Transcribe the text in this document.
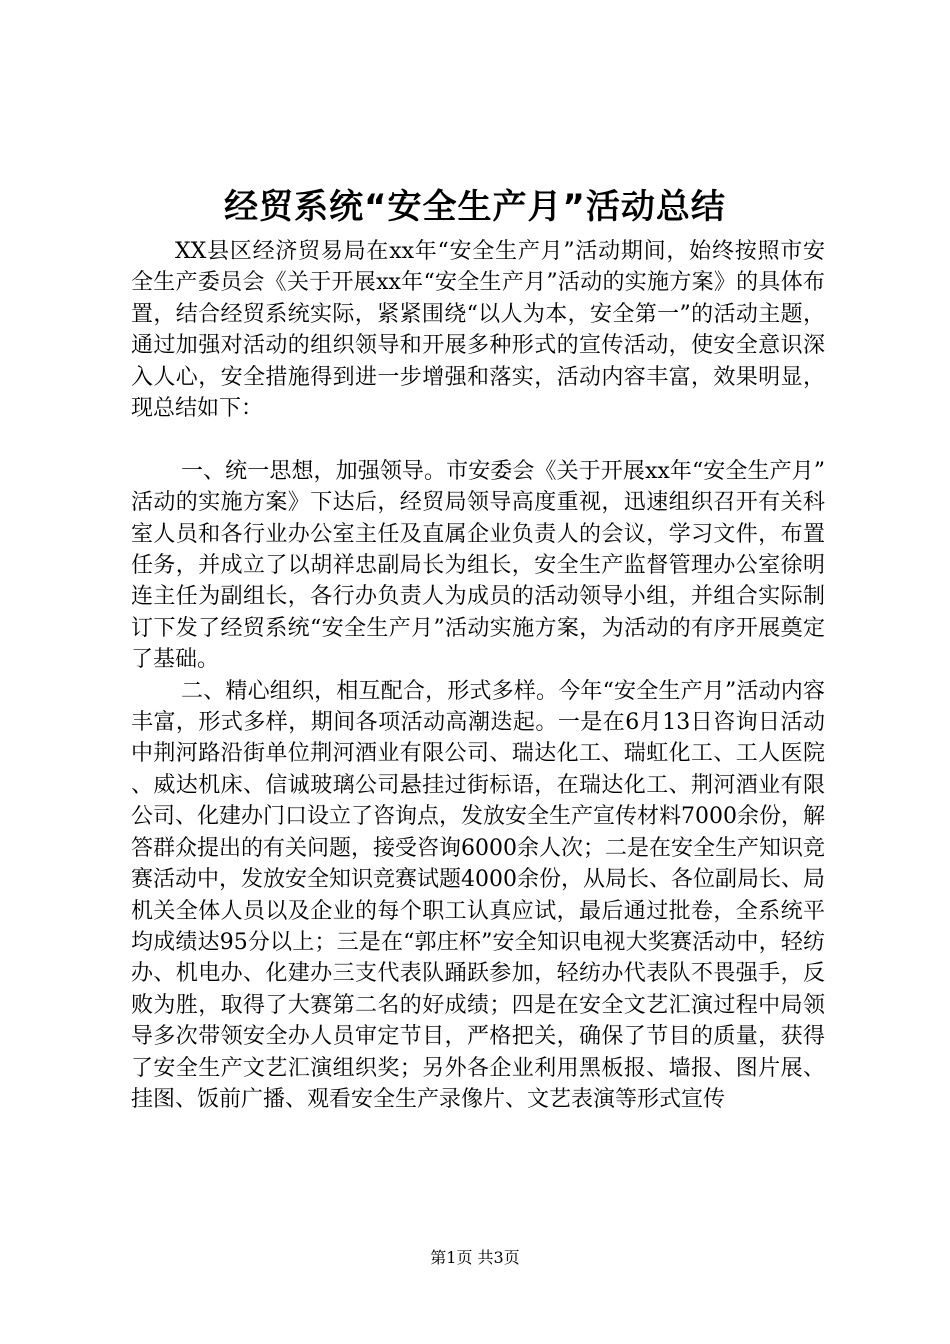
经贸系统“安全生产月”活动总结

XX县区经济贸易局在xx年“安全生产月”活动期间，始终按照市安全生产委员会《关于开展xx年“安全生产月”活动的实施方案》的具体布置，结合经贸系统实际，紧紧围绕“以人为本，安全第一”的活动主题，通过加强对活动的组织领导和开展多种形式的宣传活动，使安全意识深入人心，安全措施得到进一步增强和落实，活动内容丰富，效果明显，现总结如下：

一、统一思想，加强领导。市安委会《关于开展xx年“安全生产月”活动的实施方案》下达后，经贸局领导高度重视，迅速组织召开有关科室人员和各行业办公室主任及直属企业负责人的会议，学习文件，布置任务，并成立了以胡祥忠副局长为组长，安全生产监督管理办公室徐明连主任为副组长，各行办负责人为成员的活动领导小组，并组合实际制订下发了经贸系统“安全生产月”活动实施方案，为活动的有序开展奠定了基础。

二、精心组织，相互配合，形式多样。今年“安全生产月”活动内容丰富，形式多样，期间各项活动高潮迭起。一是在6月13日咨询日活动中荆河路沿街单位荆河酒业有限公司、瑞达化工、瑞虹化工、工人医院、威达机床、信诚玻璃公司悬挂过街标语，在瑞达化工、荆河酒业有限公司、化建办门口设立了咨询点，发放安全生产宣传材料7000余份，解答群众提出的有关问题，接受咨询6000余人次；二是在安全生产知识竞赛活动中，发放安全知识竞赛试题4000余份，从局长、各位副局长、局机关全体人员以及企业的每个职工认真应试，最后通过批卷，全系统平均成绩达95分以上；三是在“郭庄杯”安全知识电视大奖赛活动中，轻纺办、机电办、化建办三支代表队踊跃参加，轻纺办代表队不畏强手，反败为胜，取得了大赛第二名的好成绩；四是在安全文艺汇演过程中局领导多次带领安全办人员审定节目，严格把关，确保了节目的质量，获得了安全生产文艺汇演组织奖；另外各企业利用黑板报、墙报、图片展、挂图、饭前广播、观看安全生产录像片、文艺表演等形式宣传

第1页 共3页
